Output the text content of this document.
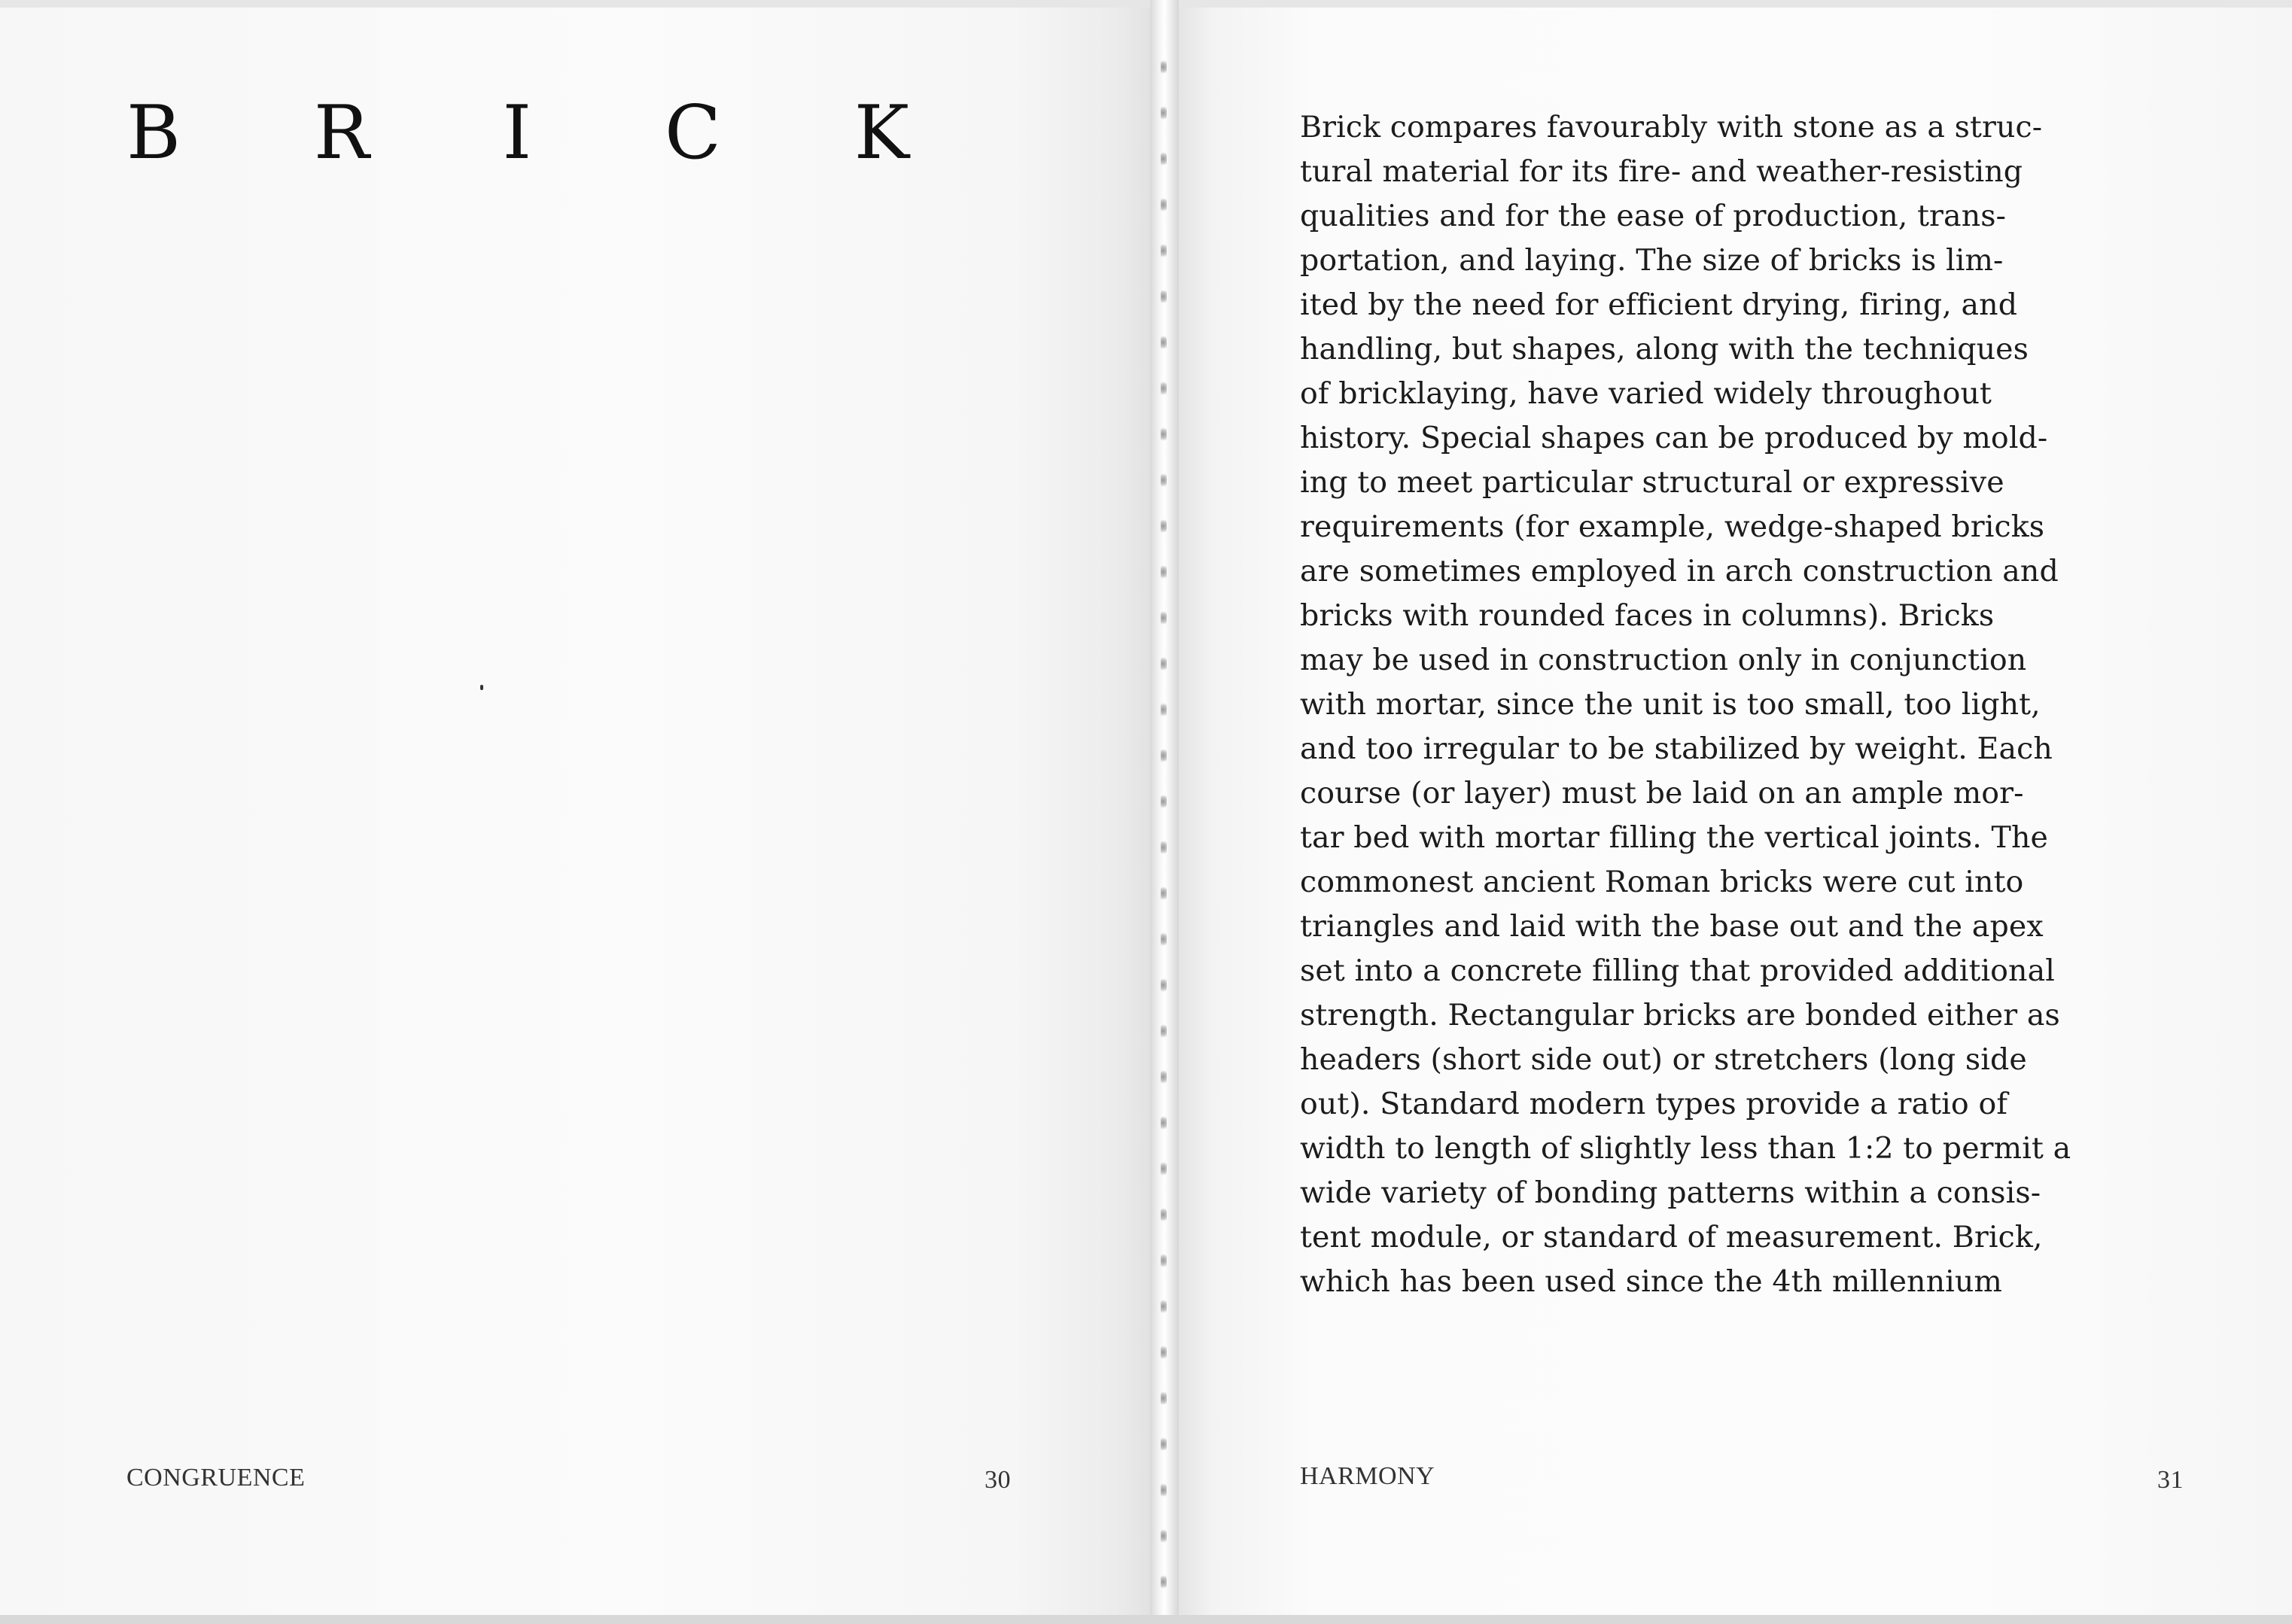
B R I C K
CONGRUENCE	30
Brick compares favourably with stone as a struc-
tural material for its fire- and weather-resisting
qualities and for the ease of production, trans-
portation, and laying. The size of bricks is lim-
ited by the need for efficient drying, firing, and
handling, but shapes, along with the techniques
of bricklaying, have varied widely throughout
history. Special shapes can be produced by mold-
ing to meet particular structural or expressive
requirements (for example, wedge-shaped bricks
are sometimes employed in arch construction and
bricks with rounded faces in columns). Bricks
may be used in construction only in conjunction
with mortar, since the unit is too small, too light,
and too irregular to be stabilized by weight. Each
course (or layer) must be laid on an ample mor-
tar bed with mortar filling the vertical joints. The
commonest ancient Roman bricks were cut into
triangles and laid with the base out and the apex
set into a concrete filling that provided additional
strength. Rectangular bricks are bonded either as
headers (short side out) or stretchers (long side
out). Standard modern types provide a ratio of
width to length of slightly less than 1:2 to permit a
wide variety of bonding patterns within a consis-
tent module, or standard of measurement. Brick,
which has been used since the 4th millennium
HARMONY	31
